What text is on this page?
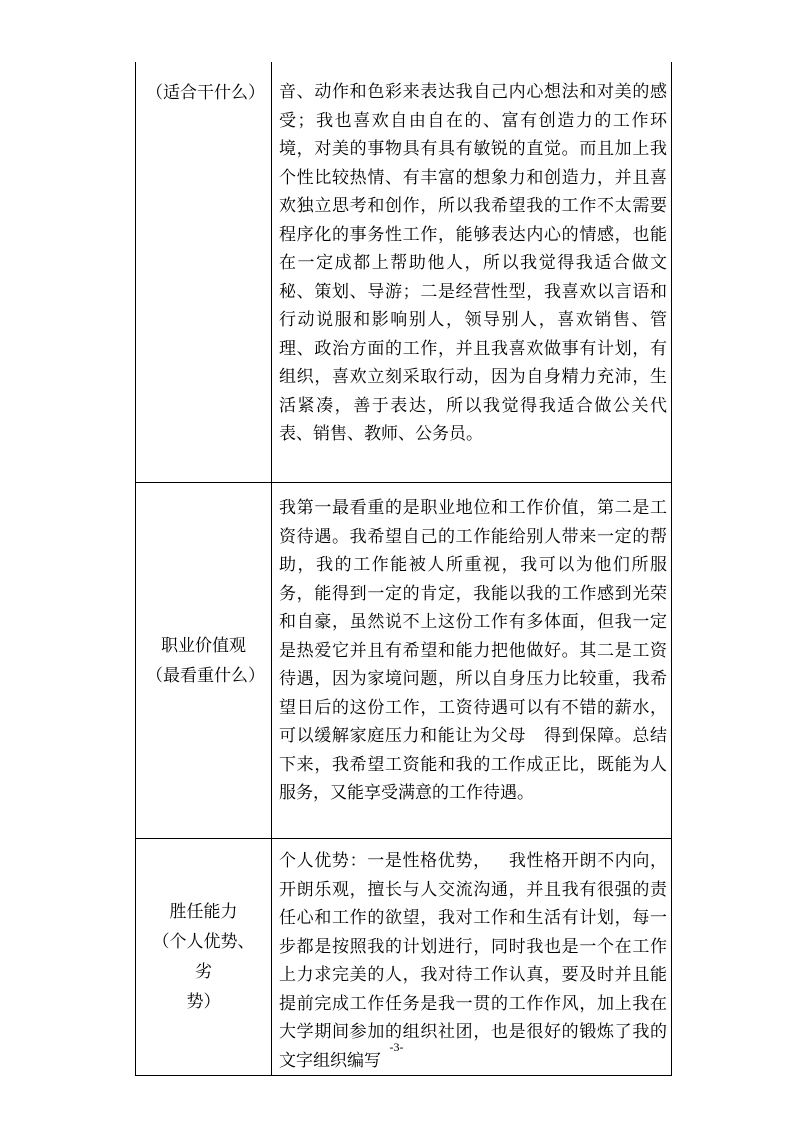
（适合干什么）	音、动作和色彩来表达我自己内心想法和对美的感受；我也喜欢自由自在的、富有创造力的工作环境，对美的事物具有具有敏锐的直觉。而且加上我个性比较热情、有丰富的想象力和创造力，并且喜欢独立思考和创作，所以我希望我的工作不太需要程序化的事务性工作，能够表达内心的情感，也能在一定成都上帮助他人，所以我觉得我适合做文秘、策划、导游；二是经营性型，我喜欢以言语和行动说服和影响别人，领导别人，喜欢销售、管理、政治方面的工作，并且我喜欢做事有计划，有组织，喜欢立刻采取行动，因为自身精力充沛，生活紧凑，善于表达，所以我觉得我适合做公关代表、销售、教师、公务员。

职业价值观
（最看重什么）	我第一最看重的是职业地位和工作价值，第二是工资待遇。我希望自己的工作能给别人带来一定的帮助，我的工作能被人所重视，我可以为他们所服务，能得到一定的肯定，我能以我的工作感到光荣和自豪，虽然说不上这份工作有多体面，但我一定是热爱它并且有希望和能力把他做好。其二是工资待遇，因为家境问题，所以自身压力比较重，我希望日后的这份工作，工资待遇可以有不错的薪水，可以缓解家庭压力和能让为父母   得到保障。总结下来，我希望工资能和我的工作成正比，既能为人服务，又能享受满意的工作待遇。

胜任能力
（个人优势、劣
势）	个人优势：一是性格优势，   我性格开朗不内向，开朗乐观，擅长与人交流沟通，并且我有很强的责任心和工作的欲望，我对工作和生活有计划，每一步都是按照我的计划进行，同时我也是一个在工作上力求完美的人，我对待工作认真，要及时并且能提前完成工作任务是我一贯的工作作风，加上我在大学期间参加的组织社团，也是很好的锻炼了我的文字组织编写

-3-
